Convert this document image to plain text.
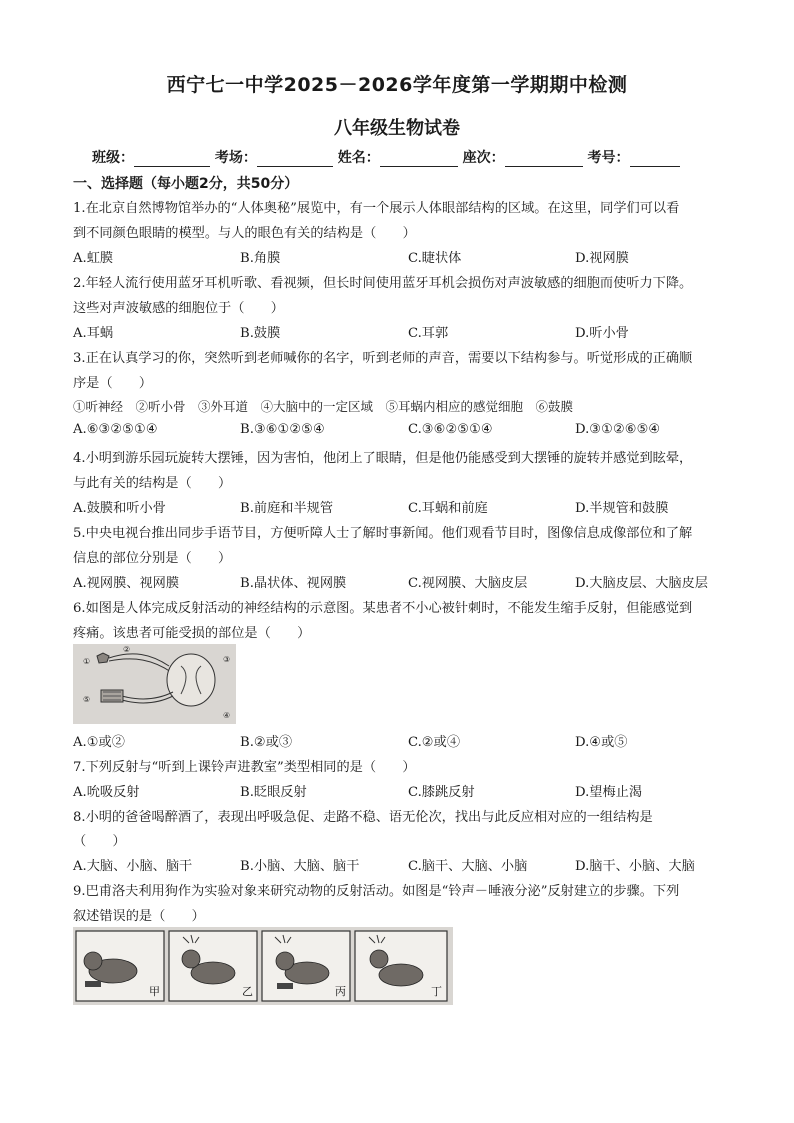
西宁七一中学2025－2026学年度第一学期期中检测
八年级生物试卷
班级：	考场：	姓名：	座次：	考号：
一、选择题（每小题2分，共50分）
1.在北京自然博物馆举办的“人体奥秘”展览中，有一个展示人体眼部结构的区域。在这里，同学们可以看
到不同颜色眼睛的模型。与人的眼色有关的结构是（　　）
A.虹膜	B.角膜	C.睫状体	D.视网膜
2.年轻人流行使用蓝牙耳机听歌、看视频，但长时间使用蓝牙耳机会损伤对声波敏感的细胞而使听力下降。
这些对声波敏感的细胞位于（　　）
A.耳蜗	B.鼓膜	C.耳郭	D.听小骨
3.正在认真学习的你，突然听到老师喊你的名字，听到老师的声音，需要以下结构参与。听觉形成的正确顺
序是（　　）
①听神经　②听小骨　③外耳道　④大脑中的一定区域　⑤耳蜗内相应的感觉细胞　⑥鼓膜
A.⑥③②⑤①④	B.③⑥①②⑤④	C.③⑥②⑤①④	D.③①②⑥⑤④
4.小明到游乐园玩旋转大摆锤，因为害怕，他闭上了眼睛，但是他仍能感受到大摆锤的旋转并感觉到眩晕，
与此有关的结构是（　　）
A.鼓膜和听小骨	B.前庭和半规管	C.耳蜗和前庭	D.半规管和鼓膜
5.中央电视台推出同步手语节目，方便听障人士了解时事新闻。他们观看节目时，图像信息成像部位和了解
信息的部位分别是（　　）
A.视网膜、视网膜	B.晶状体、视网膜	C.视网膜、大脑皮层	D.大脑皮层、大脑皮层
6.如图是人体完成反射活动的神经结构的示意图。某患者不小心被针刺时，不能发生缩手反射，但能感觉到
疼痛。该患者可能受损的部位是（　　）
①
②
③
④
⑤
A.①或②	B.②或③	C.②或④	D.④或⑤
7.下列反射与“听到上课铃声进教室”类型相同的是（　　）
A.吮吸反射	B.眨眼反射	C.膝跳反射	D.望梅止渴
8.小明的爸爸喝醉酒了，表现出呼吸急促、走路不稳、语无伦次，找出与此反应相对应的一组结构是
（　　）
A.大脑、小脑、脑干	B.小脑、大脑、脑干	C.脑干、大脑、小脑	D.脑干、小脑、大脑
9.巴甫洛夫利用狗作为实验对象来研究动物的反射活动。如图是“铃声－唾液分泌”反射建立的步骤。下列
叙述错误的是（　　）
甲	乙	丙	丁
